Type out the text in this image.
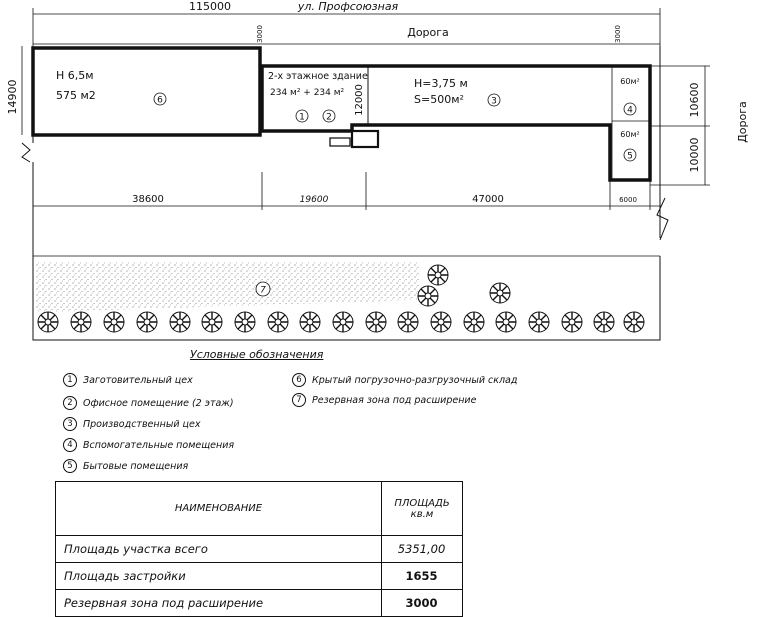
115000	ул. Профсоюзная
Дорога
Дорога
3000	3000
14900	10600
10000
38600	19600	47000	6000
Н 6,5м
575 м2	6
2-х этажное здание
234 м² + 234 м²
1 2
12000
Н=3,75 м
S=500м²	3
60м²
4
60м²
5
7
Условные обозначения
1	Заготовительный цех
2	Офисное помещение (2 этаж)
3	Производственный цех
4	Вспомогательные помещения
5	Бытовые помещения
6	Крытый погрузочно-разгрузочный склад
7	Резервная зона под расширение
НАИМЕНОВАНИЕ	ПЛОЩАДЬ
кв.м

Площадь участка всего	5351,00
Площадь застройки	1655
Резервная зона под расширение	3000
